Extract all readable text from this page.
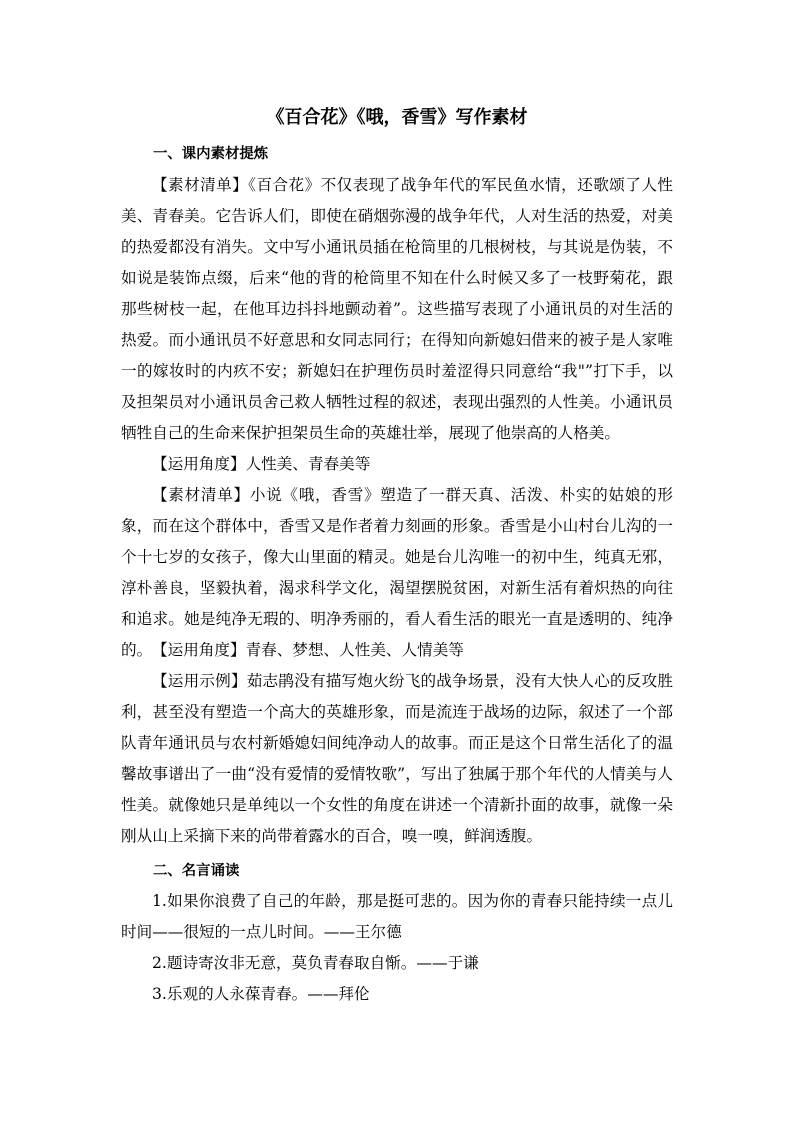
《百合花》《哦，香雪》写作素材
一、课内素材提炼

【素材清单】《百合花》不仅表现了战争年代的军民鱼水情，还歌颂了人性美、青春美。它告诉人们，即使在硝烟弥漫的战争年代，人对生活的热爱，对美的热爱都没有消失。文中写小通讯员插在枪筒里的几根树枝，与其说是伪装，不如说是装饰点缀，后来“他的背的枪筒里不知在什么时候又多了一枝野菊花，跟那些树枝一起，在他耳边抖抖地颤动着”。这些描写表现了小通讯员的对生活的热爱。而小通讯员不好意思和女同志同行；在得知向新媳妇借来的被子是人家唯一的嫁妆时的内疚不安；新媳妇在护理伤员时羞涩得只同意给“我"”打下手，以及担架员对小通讯员舍己救人牺牲过程的叙述，表现出强烈的人性美。小通讯员牺牲自己的生命来保护担架员生命的英雄壮举，展现了他崇高的人格美。

【运用角度】人性美、青春美等

【素材清单】小说《哦，香雪》塑造了一群天真、活泼、朴实的姑娘的形象，而在这个群体中，香雪又是作者着力刻画的形象。香雪是小山村台儿沟的一个十七岁的女孩子，像大山里面的精灵。她是台儿沟唯一的初中生，纯真无邪，淳朴善良，坚毅执着，渴求科学文化，渴望摆脱贫困，对新生活有着炽热的向往和追求。她是纯净无瑕的、明净秀丽的，看人看生活的眼光一直是透明的、纯净的。 【运用角度】青春、梦想、人性美、人情美等

【运用示例】茹志鹃没有描写炮火纷飞的战争场景，没有大快人心的反攻胜利，甚至没有塑造一个高大的英雄形象，而是流连于战场的边际，叙述了一个部队青年通讯员与农村新婚媳妇间纯净动人的故事。而正是这个日常生活化了的温馨故事谱出了一曲“没有爱情的爱情牧歌”，写出了独属于那个年代的人情美与人性美。就像她只是单纯以一个女性的角度在讲述一个清新扑面的故事，就像一朵刚从山上采摘下来的尚带着露水的百合，嗅一嗅，鲜润透腹。

二、名言诵读

1.如果你浪费了自己的年龄，那是挺可悲的。因为你的青春只能持续一点儿时间——很短的一点儿时间。——王尔德

2.题诗寄汝非无意，莫负青春取自惭。——于谦

3.乐观的人永葆青春。——拜伦
